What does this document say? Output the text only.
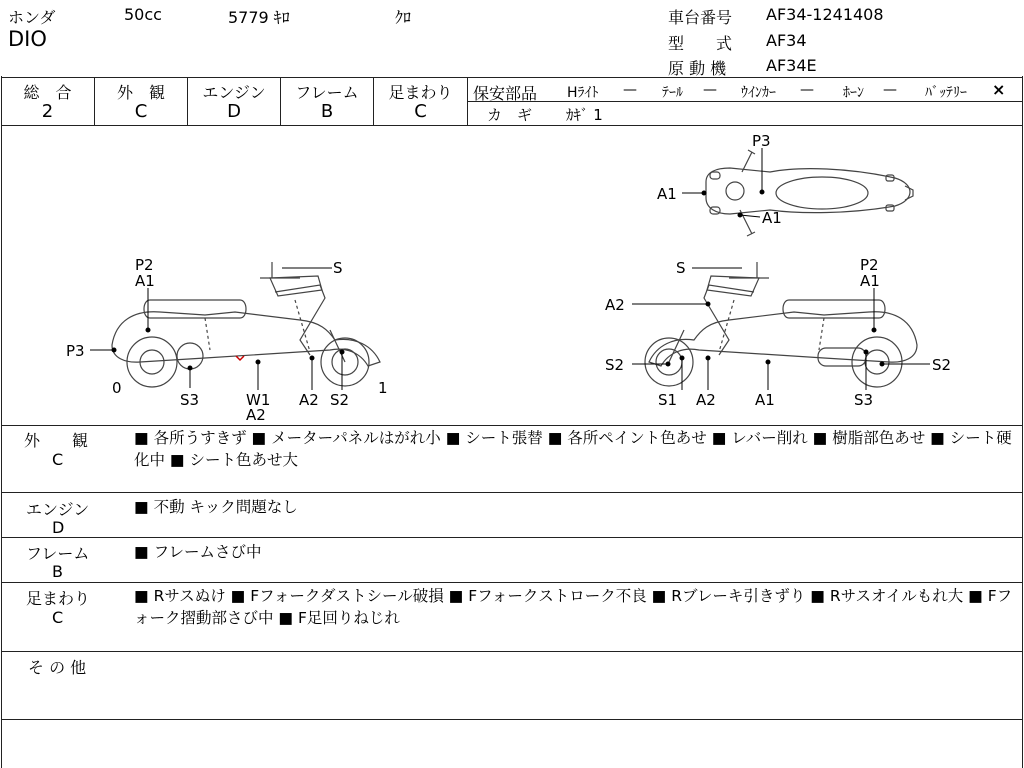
ホンダ	50cc	5779 ｷﾛ	ｸﾛ
DIO
車台番号 AF34-1241408
型　　式 AF34
原 動 機 AF34E
総　合
2
外　観
C
エンジン
D
フレーム
B
足まわり
C
保安部品 Hﾗｲﾄ — ﾃｰﾙ — ｳｲﾝｶｰ — ﾎｰﾝ — ﾊﾞｯﾃﾘｰ ×
カ　ギ ｶｷﾞ 1
P3
A1
A1
P2
A1
S
P3
0	1
S3	W1
A2
A2 S2
S	P2
A1
A2
S2	S2
S1 A2	A1	S3
外　　観
C
■ 各所うすきず ■ メーターパネルはがれ小 ■ シート張替 ■ 各所ペイント色あせ ■ レバー削れ ■ 樹脂部色あせ ■ シート硬化中 ■ シート色あせ大
エンジン
D
■ 不動 キック問題なし
フレーム
B
■ フレームさび中
足まわり
C
■ Rサスぬけ ■ Fフォークダストシール破損 ■ Fフォークストローク不良 ■ Rブレーキ引きずり ■ Rサスオイルもれ大 ■ Fフォーク摺動部さび中 ■ F足回りねじれ
そ の 他
